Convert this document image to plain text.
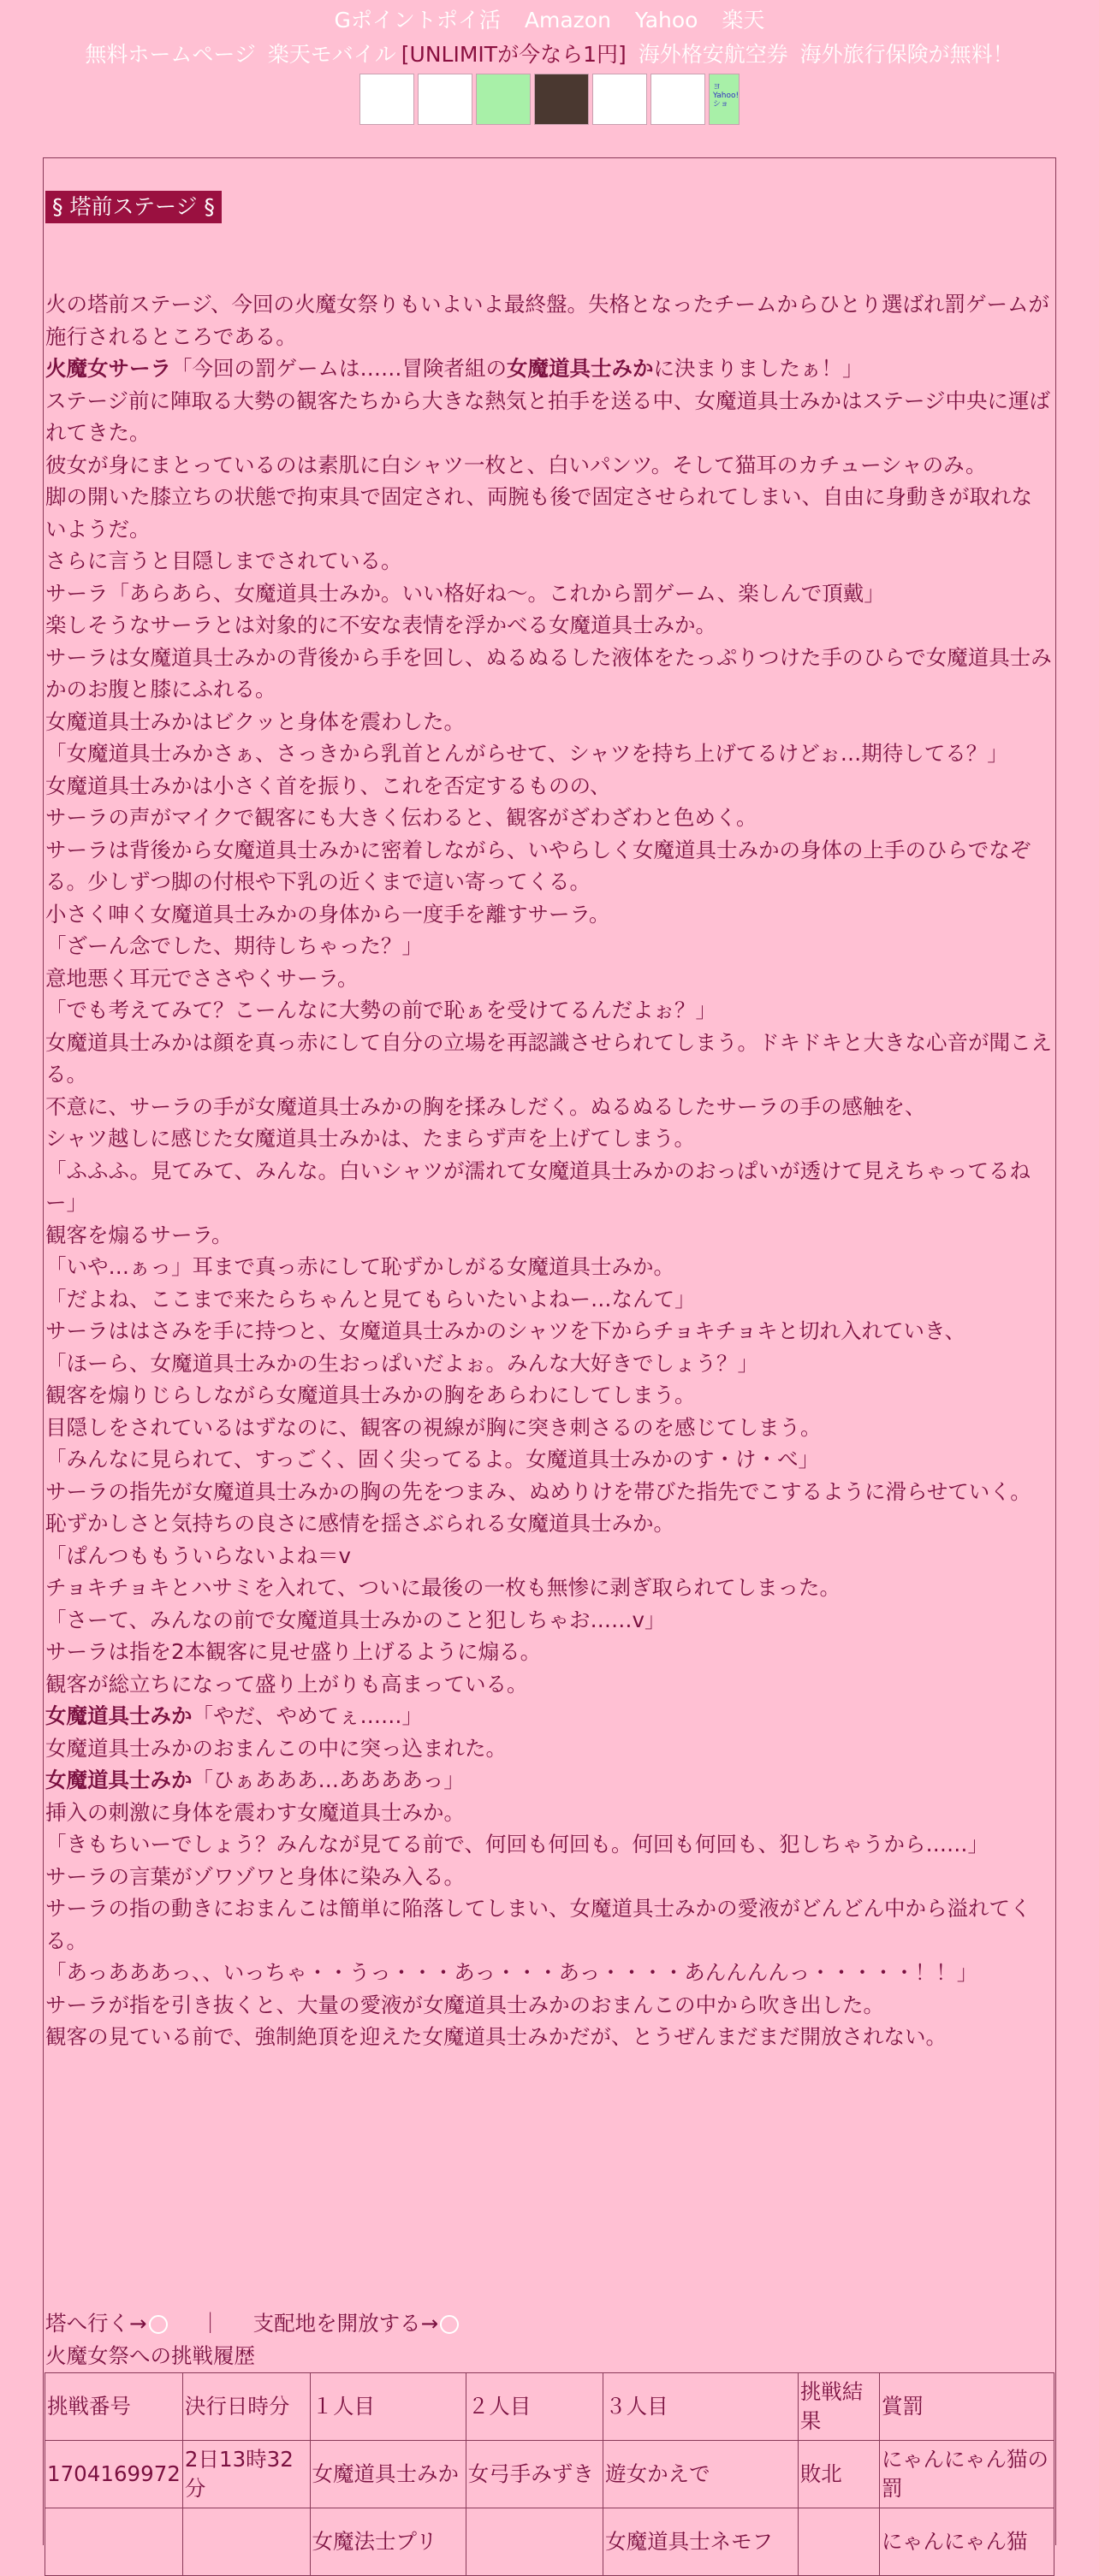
Gポイントポイ活 Amazon Yahoo 楽天
無料ホームページ 楽天モバイル [UNLIMITが今なら1円] 海外格安航空券 海外旅行保険が無料！
ヨ Yahoo! ショ
§ 塔前ステージ §

火の塔前ステージ、今回の火魔女祭りもいよいよ最終盤。失格となったチームからひとり選ばれ罰ゲームが施行されるところである。

火魔女サーラ「今回の罰ゲームは……冒険者組の女魔道具士みかに決まりましたぁ！」

ステージ前に陣取る大勢の観客たちから大きな熱気と拍手を送る中、女魔道具士みかはステージ中央に運ばれてきた。

彼女が身にまとっているのは素肌に白シャツ一枚と、白いパンツ。そして猫耳のカチューシャのみ。

脚の開いた膝立ちの状態で拘束具で固定され、両腕も後で固定させられてしまい、自由に身動きが取れないようだ。

さらに言うと目隠しまでされている。

サーラ「あらあら、女魔道具士みか。いい格好ね〜。これから罰ゲーム、楽しんで頂戴」

楽しそうなサーラとは対象的に不安な表情を浮かべる女魔道具士みか。

サーラは女魔道具士みかの背後から手を回し、ぬるぬるした液体をたっぷりつけた手のひらで女魔道具士みかのお腹と膝にふれる。

女魔道具士みかはビクッと身体を震わした。

「女魔道具士みかさぁ、さっきから乳首とんがらせて、シャツを持ち上げてるけどぉ…期待してる？」

女魔道具士みかは小さく首を振り、これを否定するものの、

サーラの声がマイクで観客にも大きく伝わると、観客がざわざわと色めく。

サーラは背後から女魔道具士みかに密着しながら、いやらしく女魔道具士みかの身体の上手のひらでなぞる。少しずつ脚の付根や下乳の近くまで這い寄ってくる。

小さく呻く女魔道具士みかの身体から一度手を離すサーラ。

「ざーん念でした、期待しちゃった？」

意地悪く耳元でささやくサーラ。

「でも考えてみて？こーんなに大勢の前で恥ぁを受けてるんだよぉ？」

女魔道具士みかは顔を真っ赤にして自分の立場を再認識させられてしまう。ドキドキと大きな心音が聞こえる。

不意に、サーラの手が女魔道具士みかの胸を揉みしだく。ぬるぬるしたサーラの手の感触を、

シャツ越しに感じた女魔道具士みかは、たまらず声を上げてしまう。

「ふふふ。見てみて、みんな。白いシャツが濡れて女魔道具士みかのおっぱいが透けて見えちゃってるねー」

観客を煽るサーラ。

「いや…ぁっ」耳まで真っ赤にして恥ずかしがる女魔道具士みか。

「だよね、ここまで来たらちゃんと見てもらいたいよねー…なんて」

サーラははさみを手に持つと、女魔道具士みかのシャツを下からチョキチョキと切れ入れていき、

「ほーら、女魔道具士みかの生おっぱいだよぉ。みんな大好きでしょう？」

観客を煽りじらしながら女魔道具士みかの胸をあらわにしてしまう。

目隠しをされているはずなのに、観客の視線が胸に突き刺さるのを感じてしまう。

「みんなに見られて、すっごく、固く尖ってるよ。女魔道具士みかのす・け・べ」

サーラの指先が女魔道具士みかの胸の先をつまみ、ぬめりけを帯びた指先でこするように滑らせていく。

恥ずかしさと気持ちの良さに感情を揺さぶられる女魔道具士みか。

「ぱんつももういらないよね＝v

チョキチョキとハサミを入れて、ついに最後の一枚も無惨に剥ぎ取られてしまった。

「さーて、みんなの前で女魔道具士みかのこと犯しちゃお……v」

サーラは指を2本観客に見せ盛り上げるように煽る。

観客が総立ちになって盛り上がりも高まっている。

女魔道具士みか「やだ、やめてぇ……」

女魔道具士みかのおまんこの中に突っ込まれた。

女魔道具士みか「ひぁあああ…ああああっ」

挿入の刺激に身体を震わす女魔道具士みか。

「きもちいーでしょう？みんなが見てる前で、何回も何回も。何回も何回も、犯しちゃうから……」

サーラの言葉がゾワゾワと身体に染み入る。

サーラの指の動きにおまんこは簡単に陥落してしまい、女魔道具士みかの愛液がどんどん中から溢れてくる。

「あっあああっ、、いっちゃ・・うっ・・・あっ・・・あっ・・・・あんんんんっ・・・・・！！」

サーラが指を引き抜くと、大量の愛液が女魔道具士みかのおまんこの中から吹き出した。

観客の見ている前で、強制絶頂を迎えた女魔道具士みかだが、とうぜんまだまだ開放されない。

塔へ行く→	｜ 支配地を開放する→
火魔女祭への挑戦履歴
挑戦番号	決行日時分	１人目	２人目	３人目	挑戦結果	賞罰
1704169972	2日13時32分	女魔道具士みか	女弓手みずき	遊女かえで	敗北	にゃんにゃん猫の罰
		女魔法士プリ		女魔道具士ネモフ		にゃんにゃん猫
